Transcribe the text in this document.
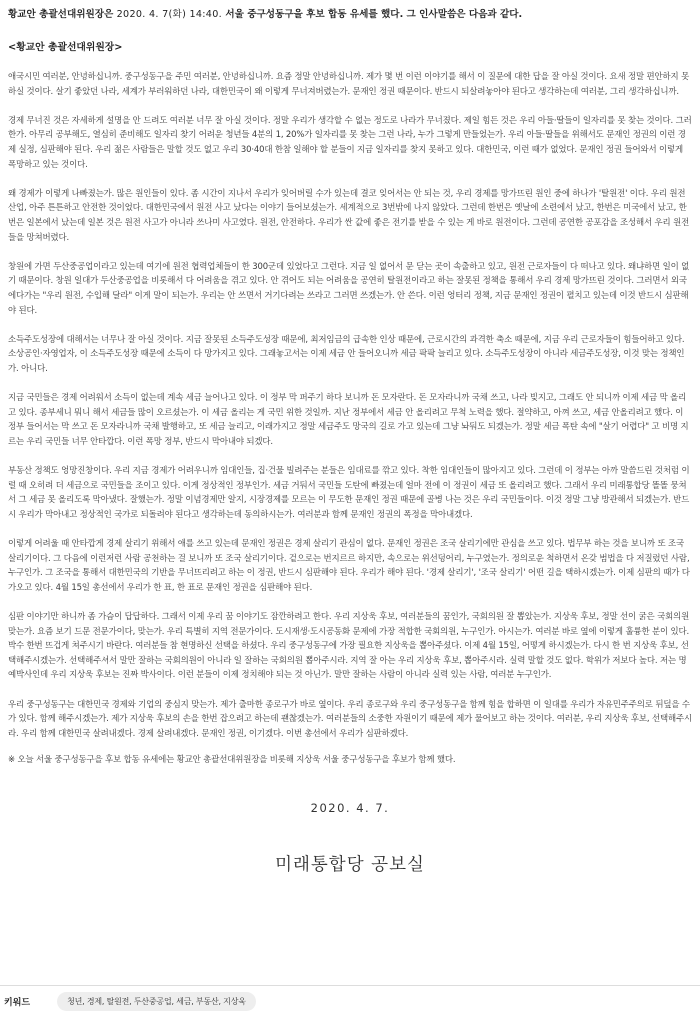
황교안 총괄선대위원장은 2020. 4. 7(화) 14:40. 서울 중구성동구을 후보 합동 유세를 했다. 그 인사말씀은 다음과 같다.

<황교안 총괄선대위원장>

애국시민 여러분, 안녕하십니까. 중구성동구을 주민 여러분, 안녕하십니까. 요즘 정말 안녕하십니까. 제가 몇 번 이런 이야기를 해서 이 질문에 대한 답을 잘 아실 것이다. 요새 정말 편안하지 못하실 것이다. 살기 좋았던 나라, 세계가 부러워하던 나라, 대한민국이 왜 이렇게 무너져버렸는가. 문재인 정권 때문이다. 반드시 되살려놓아야 된다고 생각하는데 여러분, 그리 생각하십니까.

경제 무너진 것은 자세하게 설명을 안 드려도 여러분 너무 잘 아실 것이다. 정말 우리가 생각할 수 없는 정도로 나라가 무너졌다. 제일 힘든 것은 우리 아들·딸들이 일자리를 못 찾는 것이다. 그러한가. 아무리 공부해도, 열심히 준비해도 일자리 찾기 어려운 청년들 4분의 1, 20%가 일자리를 못 찾는 그런 나라, 누가 그렇게 만들었는가. 우리 아들·딸들을 위해서도 문재인 정권의 이런 경제 실정, 심판해야 된다. 우리 젊은 사람들은 말할 것도 없고 우리 30·40대 한참 일해야 할 분들이 지금 일자리를 찾지 못하고 있다. 대한민국, 이런 때가 없었다. 문재인 정권 들어와서 이렇게 폭망하고 있는 것이다.

왜 경제가 이렇게 나빠졌는가. 많은 원인들이 있다. 좀 시간이 지나서 우리가 잊어버릴 수가 있는데 결코 잊어서는 안 되는 것, 우리 경제를 망가뜨린 원인 중에 하나가 '탈원전' 이다. 우리 원전산업, 아주 튼튼하고 안전한 것이었다. 대한민국에서 원전 사고 났다는 이야기 들어보셨는가. 세계적으로 3번밖에 나지 않았다. 그런데 한번은 옛날에 소련에서 났고, 한번은 미국에서 났고, 한번은 일본에서 났는데 일본 것은 원전 사고가 아니라 쓰나미 사고였다. 원전, 안전하다. 우리가 싼 값에 좋은 전기를 받을 수 있는 게 바로 원전이다. 그런데 공연한 공포감을 조성해서 우리 원전들을 망쳐버렸다.

창원에 가면 두산중공업이라고 있는데 여기에 원전 협력업체들이 한 300군데 있었다고 그런다. 지금 일 없어서 문 닫는 곳이 속출하고 있고, 원전 근로자들이 다 떠나고 있다. 왜냐하면 일이 없기 때문이다. 창원 일대가 두산중공업을 비롯해서 다 어려움을 겪고 있다. 안 겪어도 되는 어려움을 공연히 탈원전이라고 하는 잘못된 정책을 통해서 우리 경제 망가뜨린 것이다. 그러면서 외국에다가는 "우리 원전, 수입해 달라" 이게 말이 되는가. 우리는 안 쓰면서 거기다려는 쓰라고 그러면 쓰겠는가. 안 쓴다. 이런 엉터리 정책, 지금 문재인 정권이 펼치고 있는데 이것 반드시 심판해야 된다.

소득주도성장에 대해서는 너무나 잘 아실 것이다. 지금 잘못된 소득주도성장 때문에, 최저임금의 급속한 인상 때문에, 근로시간의 과격한 축소 때문에, 지금 우리 근로자들이 힘들어하고 있다. 소상공인·자영업자, 이 소득주도성장 때문에 소득이 다 망가지고 있다. 그래놓고서는 이제 세금 안 들어오니까 세금 팍팍 늘리고 있다. 소득주도성장이 아니라 세금주도성장, 이것 맞는 정책인가. 아니다.

지금 국민들은 경제 어려워서 소득이 없는데 계속 세금 늘어나고 있다. 이 정부 막 퍼주기 하다 보니까 돈 모자란다. 돈 모자라니까 국채 쓰고, 나라 빚지고, 그래도 안 되니까 이제 세금 막 올리고 있다. 종부세니 뭐니 해서 세금들 많이 오르셨는가. 이 세금 올리는 게 국민 위한 것일까. 지난 정부에서 세금 안 올리려고 무척 노력을 했다. 절약하고, 아껴 쓰고, 세금 안올리려고 했다. 이 정부 들어서는 막 쓰고 돈 모자라니까 국채 발행하고, 또 세금 늘리고, 이래가지고 정말 세금주도 망국의 길로 가고 있는데 그냥 놔둬도 되겠는가. 정말 세금 폭탄 속에 "살기 어렵다" 고 비명 지르는 우리 국민들 너무 안타깝다. 이런 폭망 정부, 반드시 막아내야 되겠다.

부동산 정책도 엉망진창이다. 우리 지금 경제가 어려우니까 임대인들, 집·건물 빌려주는 분들은 임대료를 깎고 있다. 착한 임대인들이 많아지고 있다. 그런데 이 정부는 아까 말씀드린 것처럼 이럴 때 오히려 더 세금으로 국민들을 조이고 있다. 이게 정상적인 정부인가. 세금 거둬서 국민들 도탄에 빠졌는데 얼마 전에 이 정권이 세금 또 올리려고 했다. 그래서 우리 미래통합당 똘똘 뭉쳐서 그 세금 못 올리도록 막아냈다. 잘했는가. 정말 이념경제만 알지, 시장경제를 모르는 이 무도한 문재인 정권 때문에 골병 나는 것은 우리 국민들이다. 이것 정말 그냥 방관해서 되겠는가. 반드시 우리가 막아내고 정상적인 국가로 되돌려야 된다고 생각하는데 동의하시는가. 여러분과 함께 문재인 정권의 폭정을 막아내겠다.

이렇게 어려울 때 안타깝게 경제 살리기 위해서 애를 쓰고 있는데 문재인 정권은 경제 살리기 관심이 없다. 문재인 정권은 조국 살리기에만 관심을 쓰고 있다. 법무부 하는 것을 보니까 또 조국 살리기이다. 그 다음에 이런저런 사람 공천하는 걸 보니까 또 조국 살리기이다. 겉으로는 번지르르 하지만, 속으로는 위선덩어리, 누구였는가. 정의로운 척하면서 온갖 범법을 다 저질렀던 사람, 누구인가. 그 조국을 통해서 대한민국의 기반을 무너뜨리려고 하는 이 정권, 반드시 심판해야 된다. 우리가 해야 된다. '경제 살리기', '조국 살리기' 어떤 길을 택하시겠는가. 이제 심판의 때가 다가오고 있다. 4월 15일 총선에서 우리가 한 표, 한 표로 문재인 정권을 심판해야 된다.

심판 이야기만 하니까 좀 가슴이 답답하다. 그래서 이제 우리 꿈 이야기도 잠깐하려고 한다. 우리 지상욱 후보, 여러분들의 꿈인가, 국회의원 잘 뽑았는가. 지상욱 후보, 정말 선이 굵은 국회의원 맞는가. 요즘 보기 드문 전문가이다, 맞는가. 우리 특별히 지역 전문가이다. 도시재생·도시공동화 문제에 가장 적합한 국회의원, 누구인가. 아시는가. 여러분 바로 옆에 이렇게 훌륭한 분이 있다. 박수 한번 뜨겁게 쳐주시기 바란다. 여러분들 참 현명하신 선택을 하셨다. 우리 중구성동구에 가장 필요한 지상욱을 뽑아주셨다. 이제 4월 15일, 어떻게 하시겠는가. 다시 한 번 지상욱 후보, 선택해주시겠는가. 선택해주셔서 말만 잘하는 국회의원이 아니라 일 잘하는 국회의원 뽑아주시라. 지역 잘 아는 우리 지상욱 후보, 뽑아주시라. 실력 말할 것도 없다. 학위가 저보다 높다. 저는 명예박사인데 우리 지상욱 후보는 진짜 박사이다. 이런 분들이 이제 정치해야 되는 것 아닌가. 말만 잘하는 사람이 아니라 실력 있는 사람, 여러분 누구인가.

우리 중구성동구는 대한민국 경제와 기업의 중심지 맞는가. 제가 출마한 종로구가 바로 옆이다. 우리 종로구와 우리 중구성동구을 함께 힘을 합하면 이 일대를 우리가 자유민주주의로 뒤덮을 수가 있다. 함께 해주시겠는가. 제가 지상욱 후보의 손을 한번 잡으려고 하는데 괜찮겠는가. 여러분들의 소중한 자원이기 때문에 제가 물어보고 하는 것이다. 여러분, 우리 지상욱 후보, 선택해주시라. 우리 함께 대한민국 살려내겠다. 경제 살려내겠다. 문재인 정권, 이기겠다. 이번 총선에서 우리가 심판하겠다.

※ 오늘 서울 중구성동구을 후보 합동 유세에는 황교안 총괄선대위원장을 비롯해 지상욱 서울 중구성동구을 후보가 함께 했다.

2020. 4. 7.

미래통합당 공보실

키워드	청년, 경제, 탈원전, 두산중공업, 세금, 부동산, 지상욱
